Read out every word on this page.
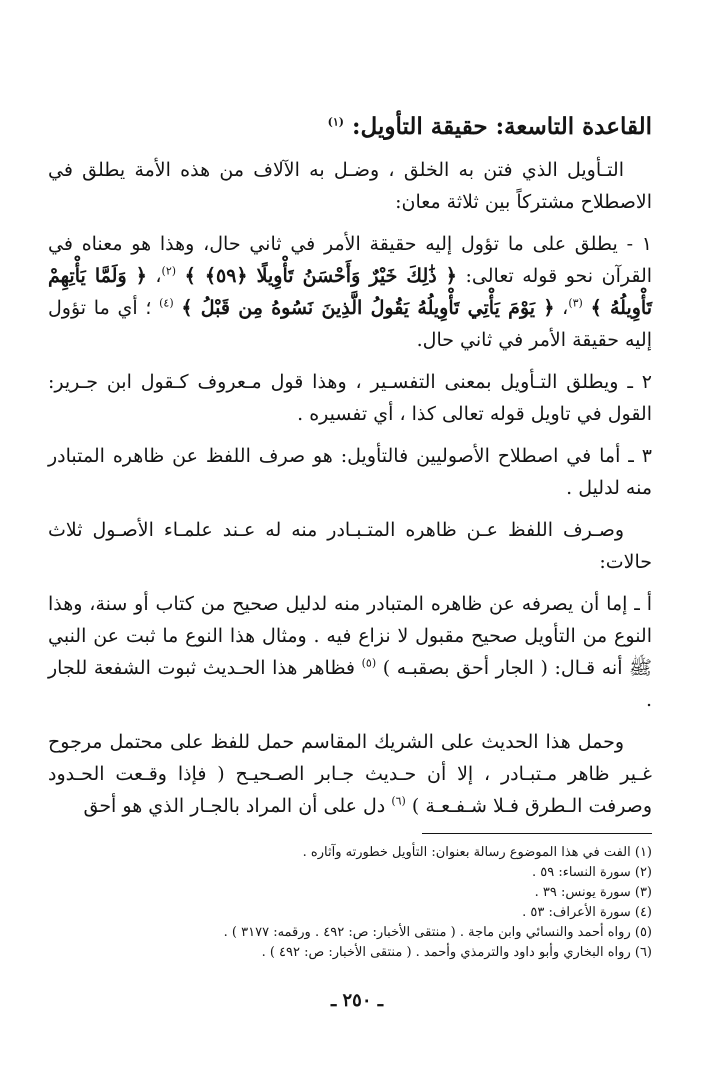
القاعدة التاسعة: حقيقة التأويل: $^{(١)}$

التـأويل الذي فتن به الخلق ، وضـل به الآلاف من هذه الأمة يطلق في الاصطلاح مشتركاً بين ثلاثة معان:

١ - يطلق على ما تؤول إليه حقيقة الأمر في ثاني حال، وهذا هو معناه في القرآن نحو قوله تعالى: ﴿ ذَٰلِكَ خَيْرٌ وَأَحْسَنُ تَأْوِيلًا ﴿٥٩﴾ ﴾ $^{(٢)}$، ﴿ وَلَمَّا يَأْتِهِمْ تَأْوِيلُهُ ﴾ $^{(٣)}$، ﴿ يَوْمَ يَأْتِي تَأْوِيلُهُ يَقُولُ الَّذِينَ نَسُوهُ مِن قَبْلُ ﴾ $^{(٤)}$ ؛ أي ما تؤول إليه حقيقة الأمر في ثاني حال.

٢ ـ ويطلق التـأويل بمعنى التفسـير ، وهذا قول مـعروف كـقول ابن جـرير: القول في تاويل قوله تعالى كذا ، أي تفسيره .

٣ ـ أما في اصطلاح الأصوليين فالتأويل: هو صرف اللفظ عن ظاهره المتبادر منه لدليل .

وصـرف اللفظ عـن ظاهره المتـبـادر منه له عـند علمـاء الأصـول ثلاث حالات:

أ ـ إما أن يصرفه عن ظاهره المتبادر منه لدليل صحيح من كتاب أو سنة، وهذا النوع من التأويل صحيح مقبول لا نزاع فيه . ومثال هذا النوع ما ثبت عن النبي ﷺ أنه قـال: ( الجار أحق بصقبـه ) $^{(٥)}$ فظاهر هذا الحـديث ثبوت الشفعة للجار .

وحمل هذا الحديث على الشريك المقاسم حمل للفظ على محتمل مرجوح غـير ظاهر مـتبـادر ، إلا أن حـديث جـابر الصـحيـح ( فإذا وقـعت الحـدود وصرفت الـطرق فـلا شـفـعـة ) $^{(٦)}$ دل على أن المراد بالجـار الذي هو أحق

(١) الفت في هذا الموضوع رسالة بعنوان: التأويل خطورته وآثاره .
(٢) سورة النساء: ٥٩ .
(٣) سورة يونس: ٣٩ .
(٤) سورة الأعراف: ٥٣ .
(٥) رواه أحمد والنسائي وابن ماجة . ( منتقى الأخبار: ص: ٤٩٢ . ورقمه: ٣١٧٧ ) .
(٦) رواه البخاري وأبو داود والترمذي وأحمد . ( منتقى الأخبار: ص: ٤٩٢ ) .
ـ ٢٥٠ ـ
